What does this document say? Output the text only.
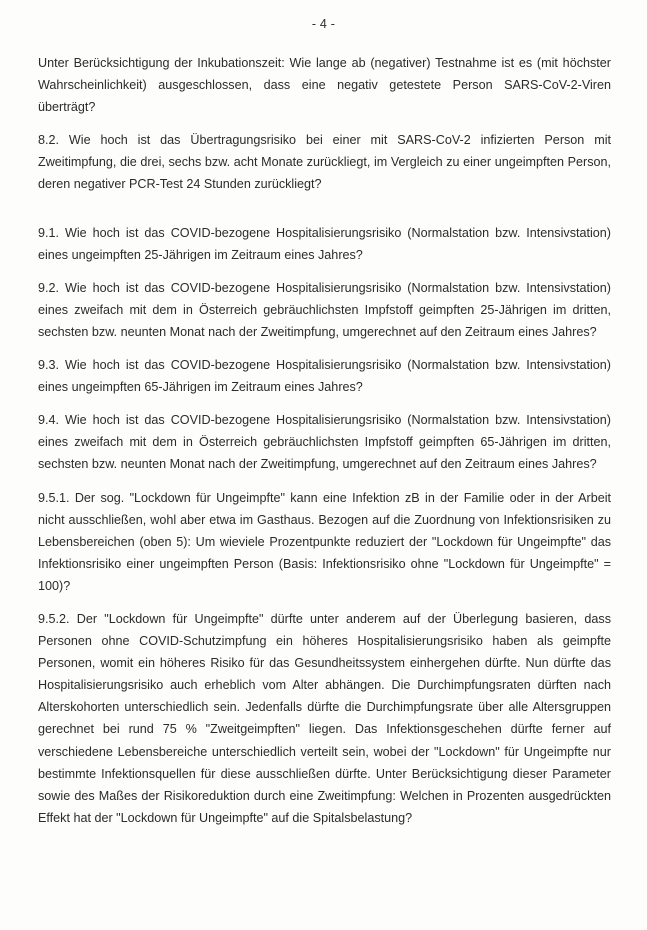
- 4 -

Unter Berücksichtigung der Inkubationszeit: Wie lange ab (negativer) Testnahme ist es (mit höchster Wahrscheinlichkeit) ausgeschlossen, dass eine negativ getestete Person SARS-CoV-2-Viren überträgt?

8.2. Wie hoch ist das Übertragungsrisiko bei einer mit SARS-CoV-2 infizierten Person mit Zweitimpfung, die drei, sechs bzw. acht Monate zurückliegt, im Vergleich zu einer ungeimpften Person, deren negativer PCR-Test 24 Stunden zurückliegt?

9.1. Wie hoch ist das COVID-bezogene Hospitalisierungsrisiko (Normalstation bzw. Intensivstation) eines ungeimpften 25-Jährigen im Zeitraum eines Jahres?

9.2. Wie hoch ist das COVID-bezogene Hospitalisierungsrisiko (Normalstation bzw. Intensivstation) eines zweifach mit dem in Österreich gebräuchlichsten Impfstoff geimpften 25-Jährigen im dritten, sechsten bzw. neunten Monat nach der Zweitimpfung, umgerechnet auf den Zeitraum eines Jahres?

9.3. Wie hoch ist das COVID-bezogene Hospitalisierungsrisiko (Normalstation bzw. Intensivstation) eines ungeimpften 65-Jährigen im Zeitraum eines Jahres?

9.4. Wie hoch ist das COVID-bezogene Hospitalisierungsrisiko (Normalstation bzw. Intensivstation) eines zweifach mit dem in Österreich gebräuchlichsten Impfstoff geimpften 65-Jährigen im dritten, sechsten bzw. neunten Monat nach der Zweitimpfung, umgerechnet auf den Zeitraum eines Jahres?

9.5.1. Der sog. "Lockdown für Ungeimpfte" kann eine Infektion zB in der Familie oder in der Arbeit nicht ausschließen, wohl aber etwa im Gasthaus. Bezogen auf die Zuordnung von Infektionsrisiken zu Lebensbereichen (oben 5): Um wieviele Prozentpunkte reduziert der "Lockdown für Ungeimpfte" das Infektionsrisiko einer ungeimpften Person (Basis: Infektionsrisiko ohne "Lockdown für Ungeimpfte" = 100)?

9.5.2. Der "Lockdown für Ungeimpfte" dürfte unter anderem auf der Überlegung basieren, dass Personen ohne COVID-Schutzimpfung ein höheres Hospitalisierungsrisiko haben als geimpfte Personen, womit ein höheres Risiko für das Gesundheitssystem einhergehen dürfte. Nun dürfte das Hospitalisierungsrisiko auch erheblich vom Alter abhängen. Die Durchimpfungsraten dürften nach Alterskohorten unterschiedlich sein. Jedenfalls dürfte die Durchimpfungsrate über alle Altersgruppen gerechnet bei rund 75 % "Zweitgeimpften" liegen. Das Infektionsgeschehen dürfte ferner auf verschiedene Lebensbereiche unterschiedlich verteilt sein, wobei der "Lockdown" für Ungeimpfte nur bestimmte Infektionsquellen für diese ausschließen dürfte. Unter Berücksichtigung dieser Parameter sowie des Maßes der Risikoreduktion durch eine Zweitimpfung: Welchen in Prozenten ausgedrückten Effekt hat der "Lockdown für Ungeimpfte" auf die Spitalsbelastung?
